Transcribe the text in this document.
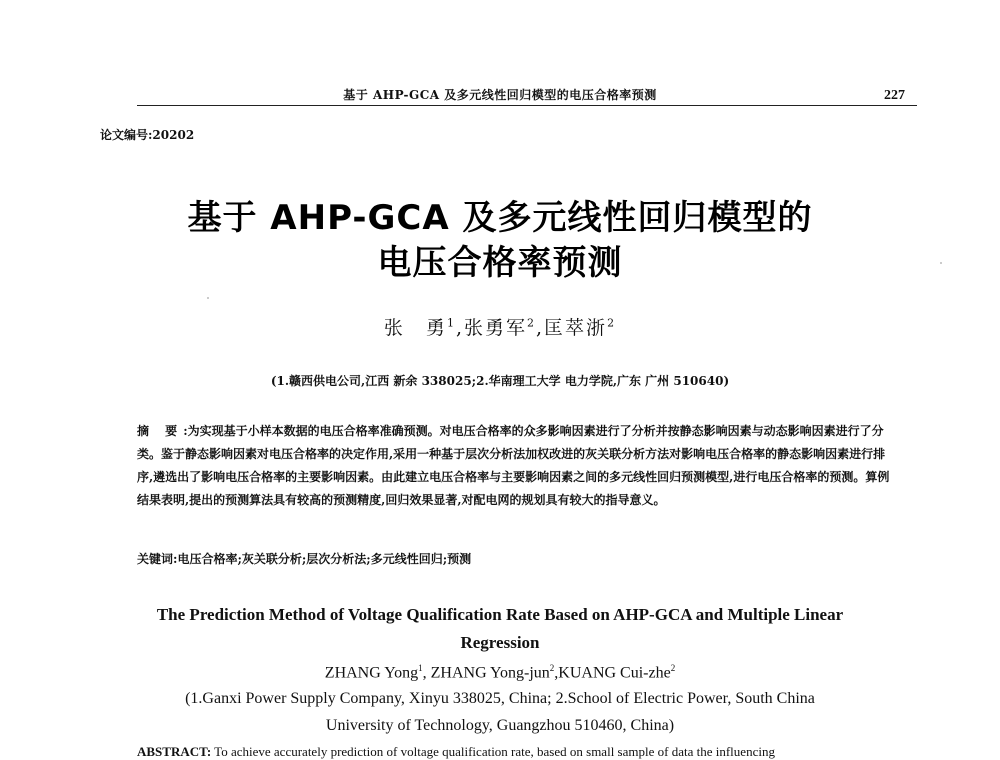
基于 AHP-GCA 及多元线性回归模型的电压合格率预测	227
论文编号:20202
基于 AHP-GCA 及多元线性回归模型的
电压合格率预测
张　勇$^1$,张勇军$^2$,匡萃浙$^2$
(1.赣西供电公司,江西 新余 338025;2.华南理工大学 电力学院,广东 广州 510640)
摘 要:为实现基于小样本数据的电压合格率准确预测。对电压合格率的众多影响因素进行了分析并按静态影响因素与动态影响因素进行了分类。鉴于静态影响因素对电压合格率的决定作用,采用一种基于层次分析法加权改进的灰关联分析方法对影响电压合格率的静态影响因素进行排序,遴选出了影响电压合格率的主要影响因素。由此建立电压合格率与主要影响因素之间的多元线性回归预测模型,进行电压合格率的预测。算例结果表明,提出的预测算法具有较高的预测精度,回归效果显著,对配电网的规划具有较大的指导意义。
关键词:电压合格率;灰关联分析;层次分析法;多元线性回归;预测
The Prediction Method of Voltage Qualification Rate Based on AHP-GCA and Multiple Linear
Regression
ZHANG Yong$^1$, ZHANG Yong-jun$^2$,KUANG Cui-zhe$^2$
(1.Ganxi Power Supply Company, Xinyu 338025, China; 2.School of Electric Power, South China
University of Technology, Guangzhou 510460, China)
ABSTRACT: To achieve accurately prediction of voltage qualification rate, based on small sample of data the influencing
